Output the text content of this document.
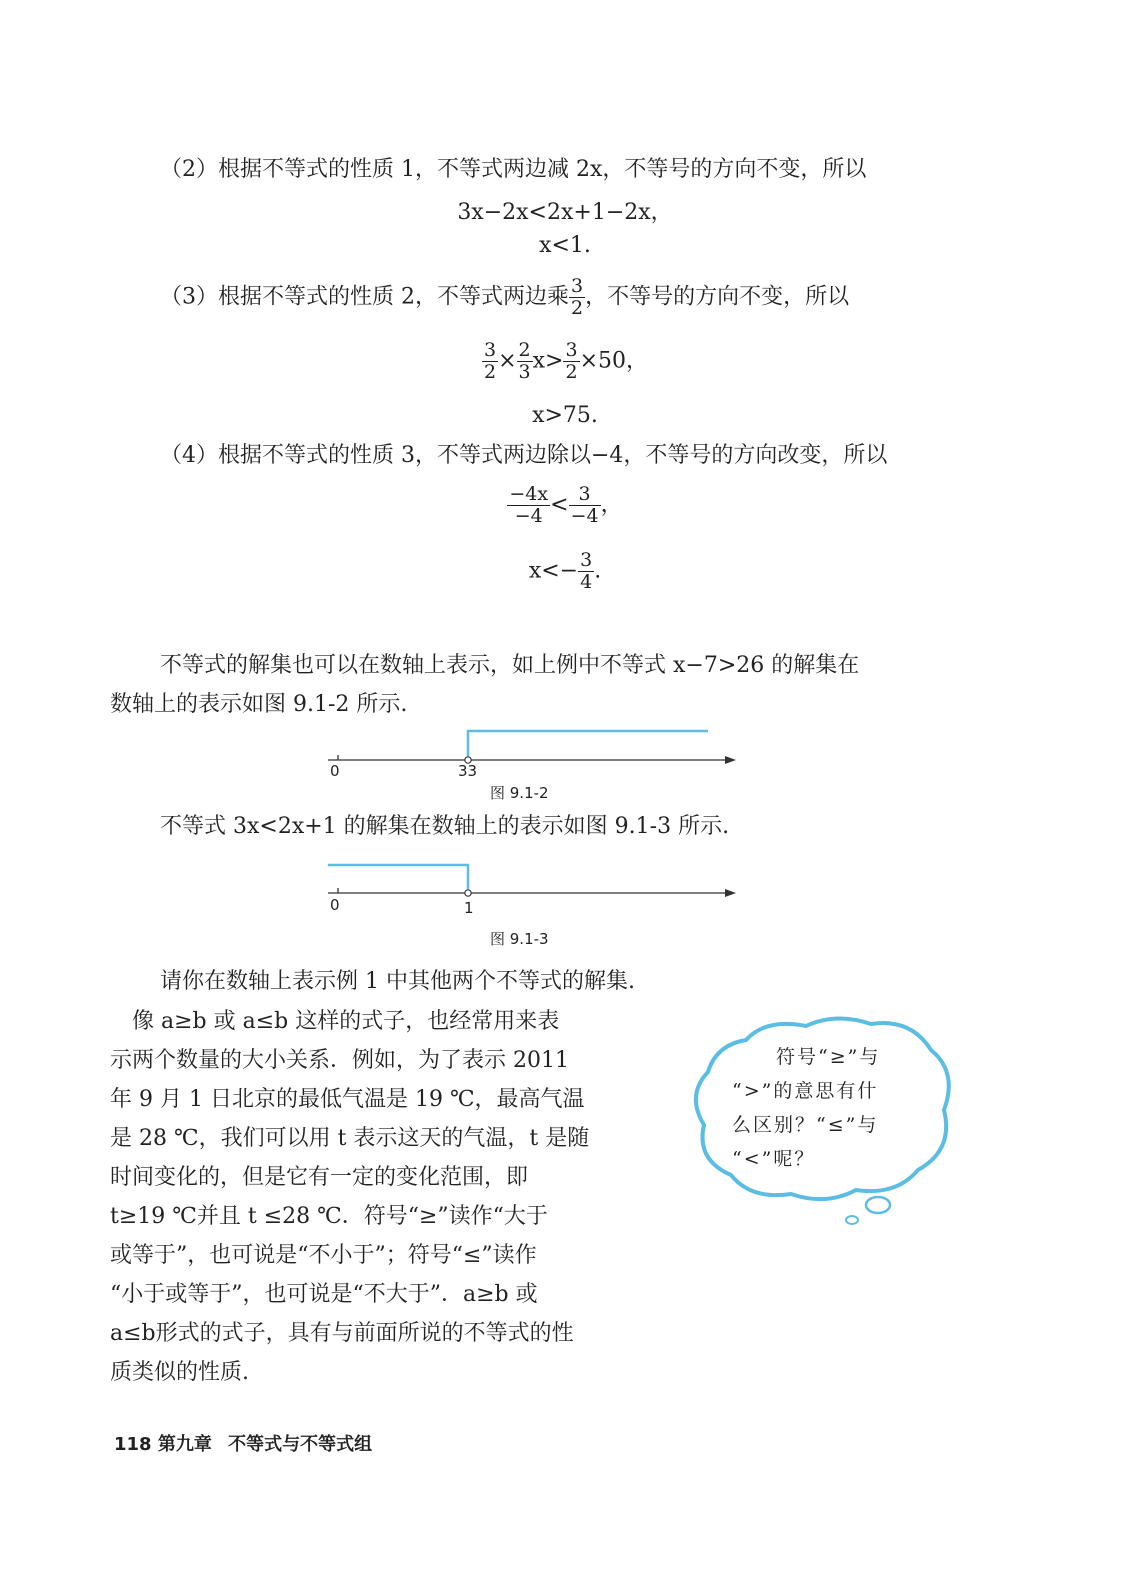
（2）根据不等式的性质 1，不等式两边减 2x，不等号的方向不变，所以
3x−2x<2x+1−2x，
x<1.
（3）根据不等式的性质 2，不等式两边乘 $\frac{3}{2}$ ，不等号的方向不变，所以
$\frac{3}{2} \times \frac{2}{3} x> \frac{3}{2} \times 50$，
x>75.
（4）根据不等式的性质 3，不等式两边除以−4，不等号的方向改变，所以
$\frac{-4x}{-4} < \frac{3}{-4}$ ，
$x<- \frac{3}{4}$ .
不等式的解集也可以在数轴上表示，如上例中不等式 x−7>26 的解集在
数轴上的表示如图 9.1-2 所示.
0	33
图 9.1-2
不等式 3x<2x+1 的解集在数轴上的表示如图 9.1-3 所示.
0	1
图 9.1-3
请你在数轴上表示例 1 中其他两个不等式的解集.
　像 a≥b 或 a≤b 这样的式子，也经常用来表
示两个数量的大小关系．例如，为了表示 2011
年 9 月 1 日北京的最低气温是 19 ℃，最高气温
是 28 ℃，我们可以用 t 表示这天的气温，t 是随
时间变化的，但是它有一定的变化范围，即
t≥19 ℃并且 t ≤28 ℃．符号“≥”读作“大于
或等于”，也可说是“不小于”；符号“≤”读作
“小于或等于”，也可说是“不大于”．a≥b 或
a≤b形式的式子，具有与前面所说的不等式的性
质类似的性质.
符号“≥”与
“>”的意思有什
么区别？“≤”与
“<”呢？
118 第九章 不等式与不等式组
